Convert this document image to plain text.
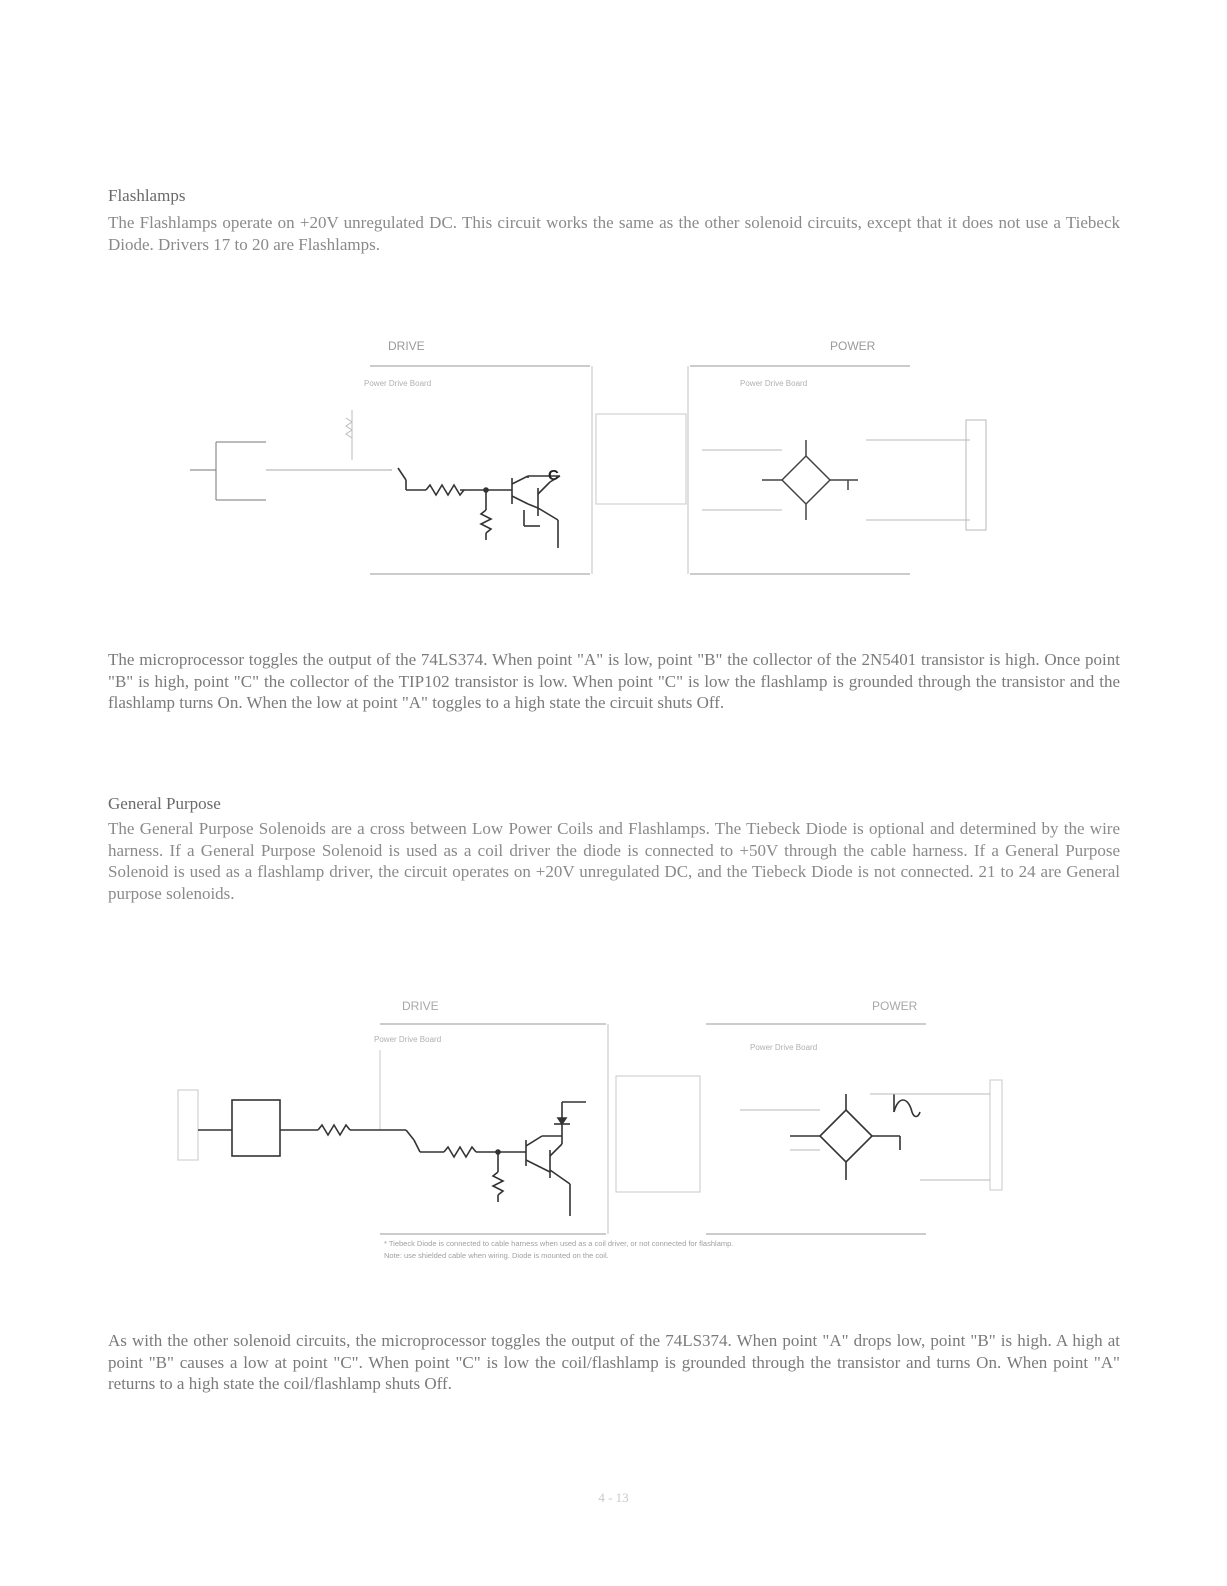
Flashlamps
The Flashlamps operate on +20V unregulated DC. This circuit works the same as the other solenoid circuits, except that it does not use a Tiebeck Diode. Drivers 17 to 20 are Flashlamps.
C
DRIVE	POWER
Power Drive Board	Power Drive Board
The microprocessor toggles the output of the 74LS374. When point "A" is low, point "B" the collector of the 2N5401 transistor is high. Once point "B" is high, point "C" the collector of the TIP102 transistor is low. When point "C" is low the flashlamp is grounded through the transistor and the flashlamp turns On. When the low at point "A" toggles to a high state the circuit shuts Off.
General Purpose
The General Purpose Solenoids are a cross between Low Power Coils and Flashlamps. The Tiebeck Diode is optional and determined by the wire harness. If a General Purpose Solenoid is used as a coil driver the diode is connected to +50V through the cable harness. If a General Purpose Solenoid is used as a flashlamp driver, the circuit operates on +20V unregulated DC, and the Tiebeck Diode is not connected. 21 to 24 are General purpose solenoids.
DRIVE	POWER
Power Drive Board
Power Drive Board
* Tiebeck Diode is connected to cable harness when used as a coil driver, or not connected for flashlamp.
Note: use shielded cable when wiring. Diode is mounted on the coil.
As with the other solenoid circuits, the microprocessor toggles the output of the 74LS374. When point "A" drops low, point "B" is high. A high at point "B" causes a low at point "C". When point "C" is low the coil/flashlamp is grounded through the transistor and turns On. When point "A" returns to a high state the coil/flashlamp shuts Off.
4 - 13
